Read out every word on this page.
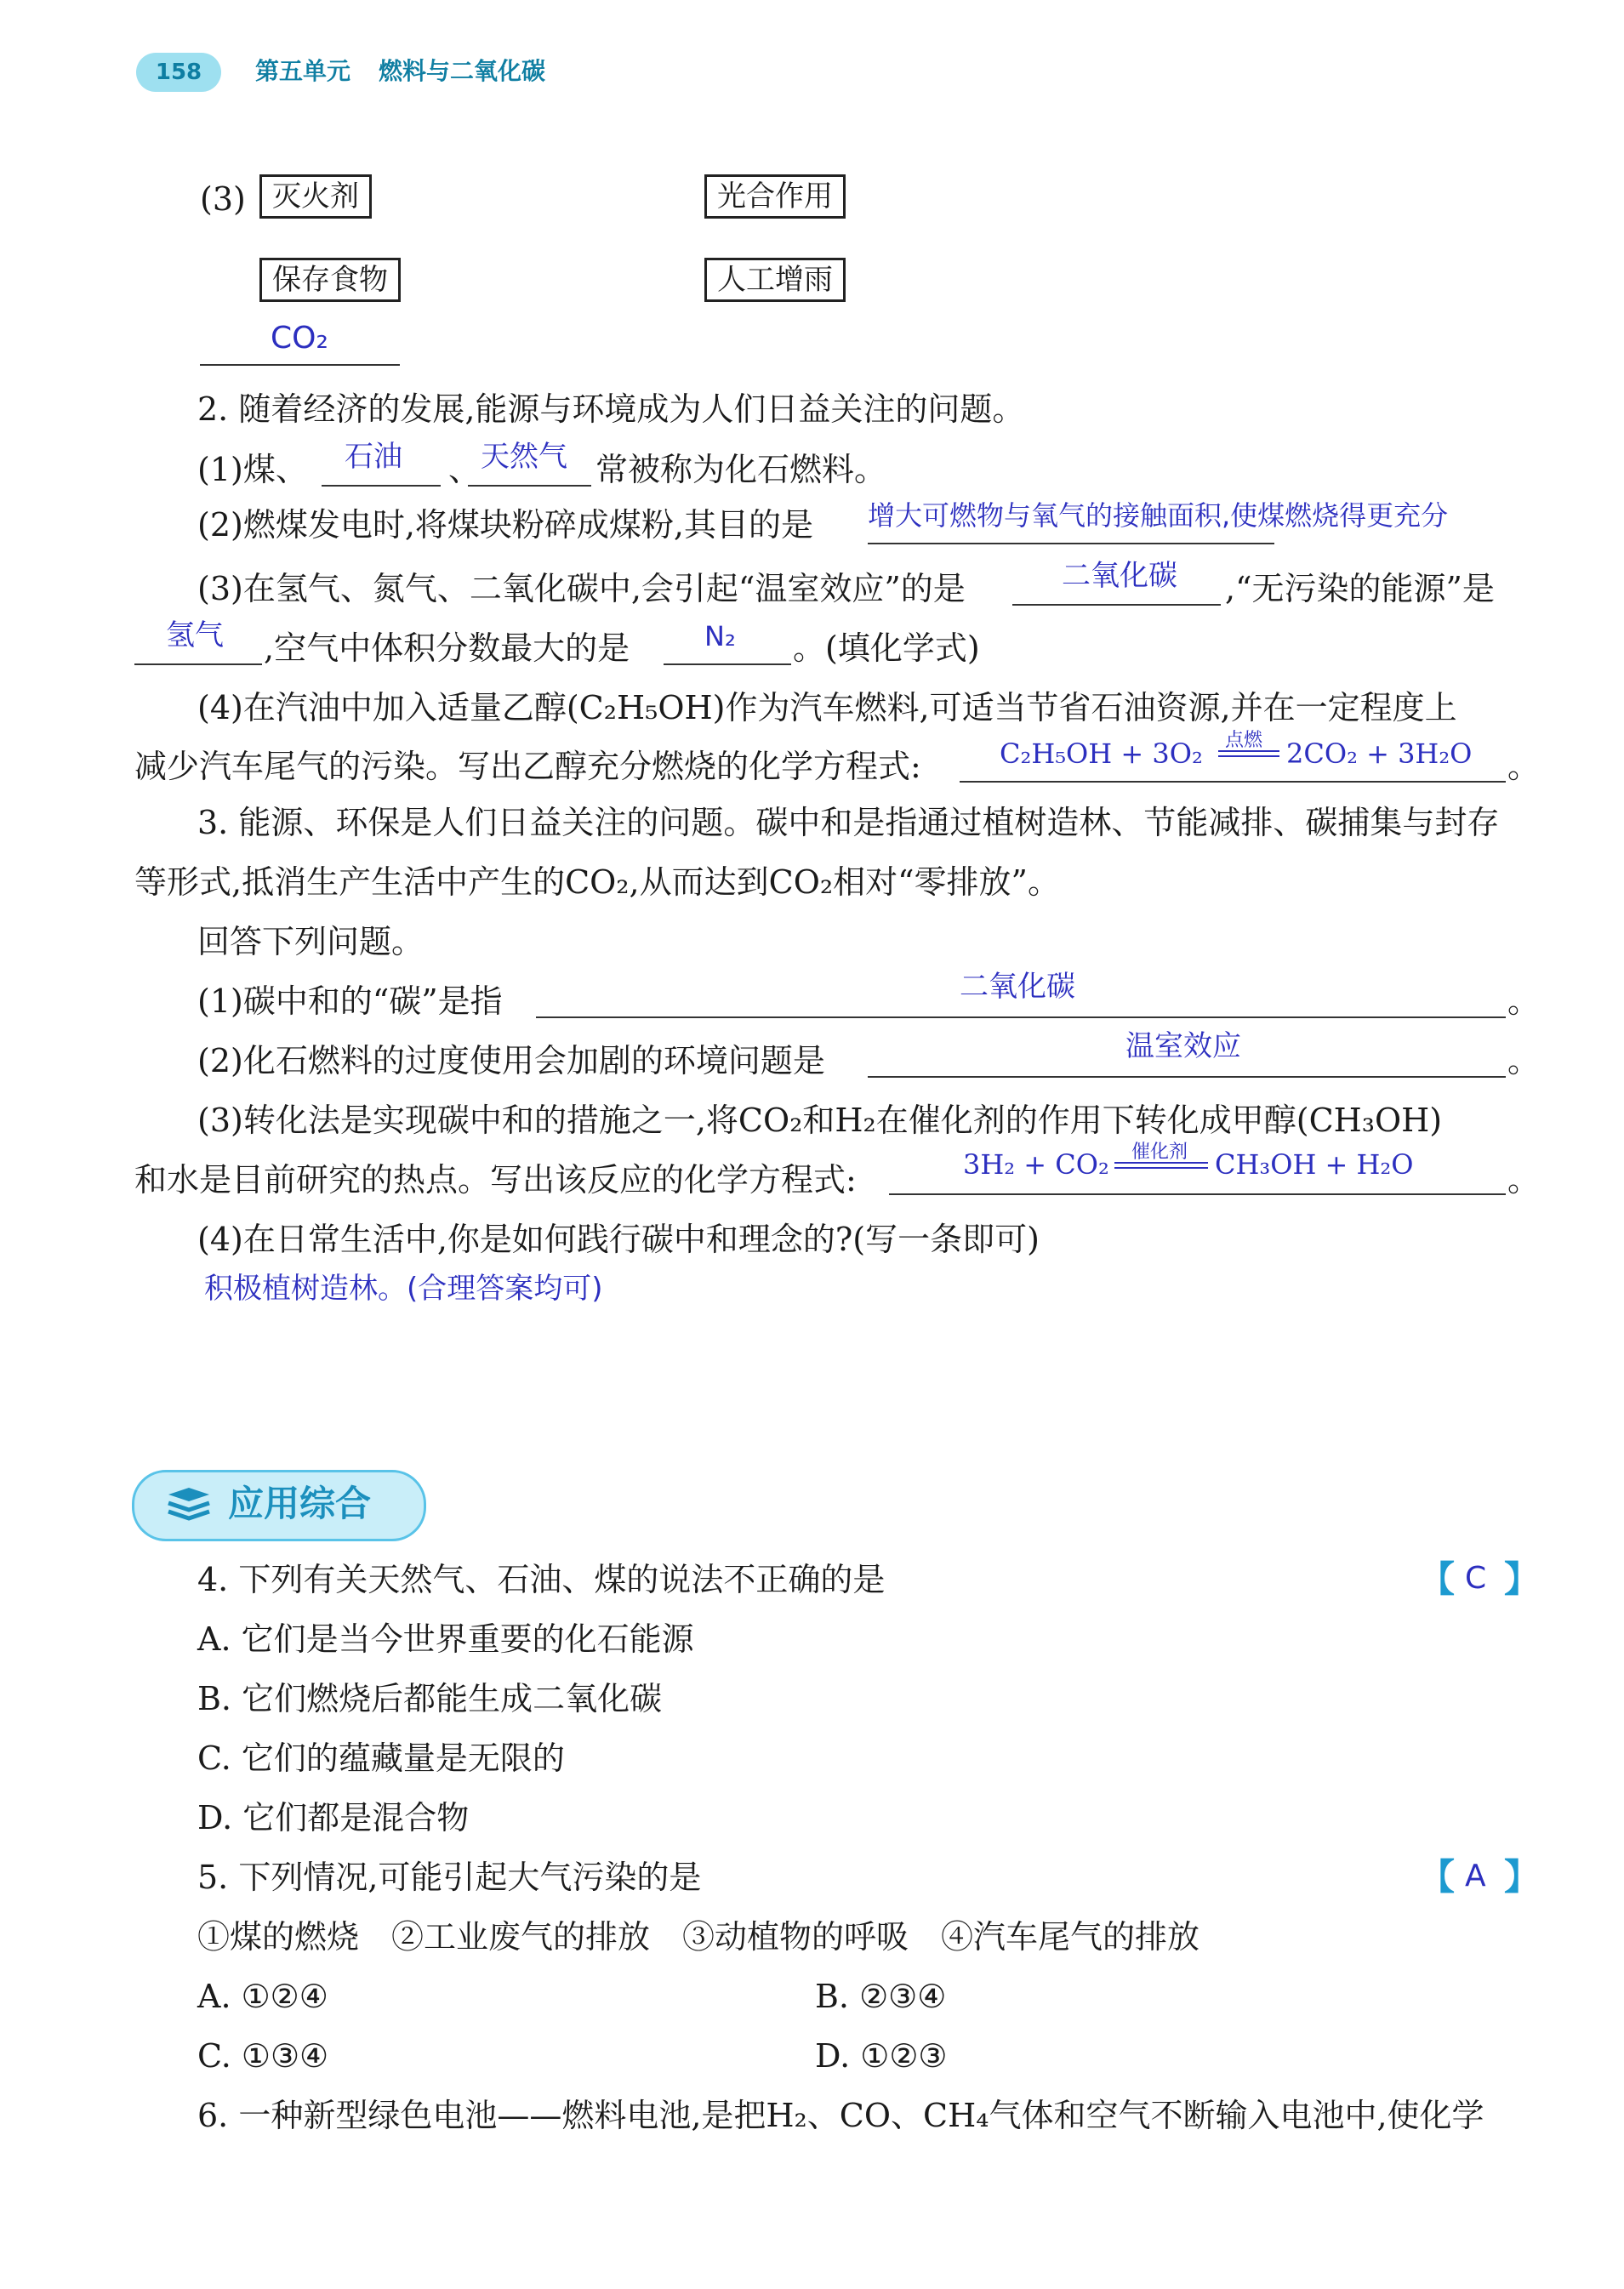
158	第五单元 燃料与二氧化碳
(3) 灭火剂
保存食物
光合作用
人工增雨
CO₂
2. 随着经济的发展,能源与环境成为人们日益关注的问题。
(1)煤、 石油 、 天然气 常被称为化石燃料。
(2)燃煤发电时,将煤块粉碎成煤粉,其目的是 增大可燃物与氧气的接触面积,使煤燃烧得更充分
(3)在氢气、氮气、二氧化碳中,会引起“温室效应”的是	二氧化碳 ,“无污染的能源”是
氢气 ,空气中体积分数最大的是	N₂ 。(填化学式)
(4)在汽油中加入适量乙醇(C₂H₅OH)作为汽车燃料,可适当节省石油资源,并在一定程度上
减少汽车尾气的污染。写出乙醇充分燃烧的化学方程式:	C₂H₅OH + 3O₂ 点燃 2CO₂ + 3H₂O 。
3. 能源、环保是人们日益关注的问题。碳中和是指通过植树造林、节能减排、碳捕集与封存
等形式,抵消生产生活中产生的CO₂,从而达到CO₂相对“零排放”。
回答下列问题。
(1)碳中和的“碳”是指	二氧化碳	。
(2)化石燃料的过度使用会加剧的环境问题是	温室效应	。
(3)转化法是实现碳中和的措施之一,将CO₂和H₂在催化剂的作用下转化成甲醇(CH₃OH)
和水是目前研究的热点。写出该反应的化学方程式:	3H₂ + CO₂ 催化剂 CH₃OH + H₂O	。
(4)在日常生活中,你是如何践行碳中和理念的?(写一条即可)
积极植树造林。(合理答案均可)
应用综合
4. 下列有关天然气、石油、煤的说法不正确的是	【 C 】
A. 它们是当今世界重要的化石能源
B. 它们燃烧后都能生成二氧化碳
C. 它们的蕴藏量是无限的
D. 它们都是混合物
5. 下列情况,可能引起大气污染的是	【 A 】
①煤的燃烧　②工业废气的排放　③动植物的呼吸　④汽车尾气的排放
A. ①②④	B. ②③④
C. ①③④	D. ①②③
6. 一种新型绿色电池——燃料电池,是把H₂、CO、CH₄气体和空气不断输入电池中,使化学
